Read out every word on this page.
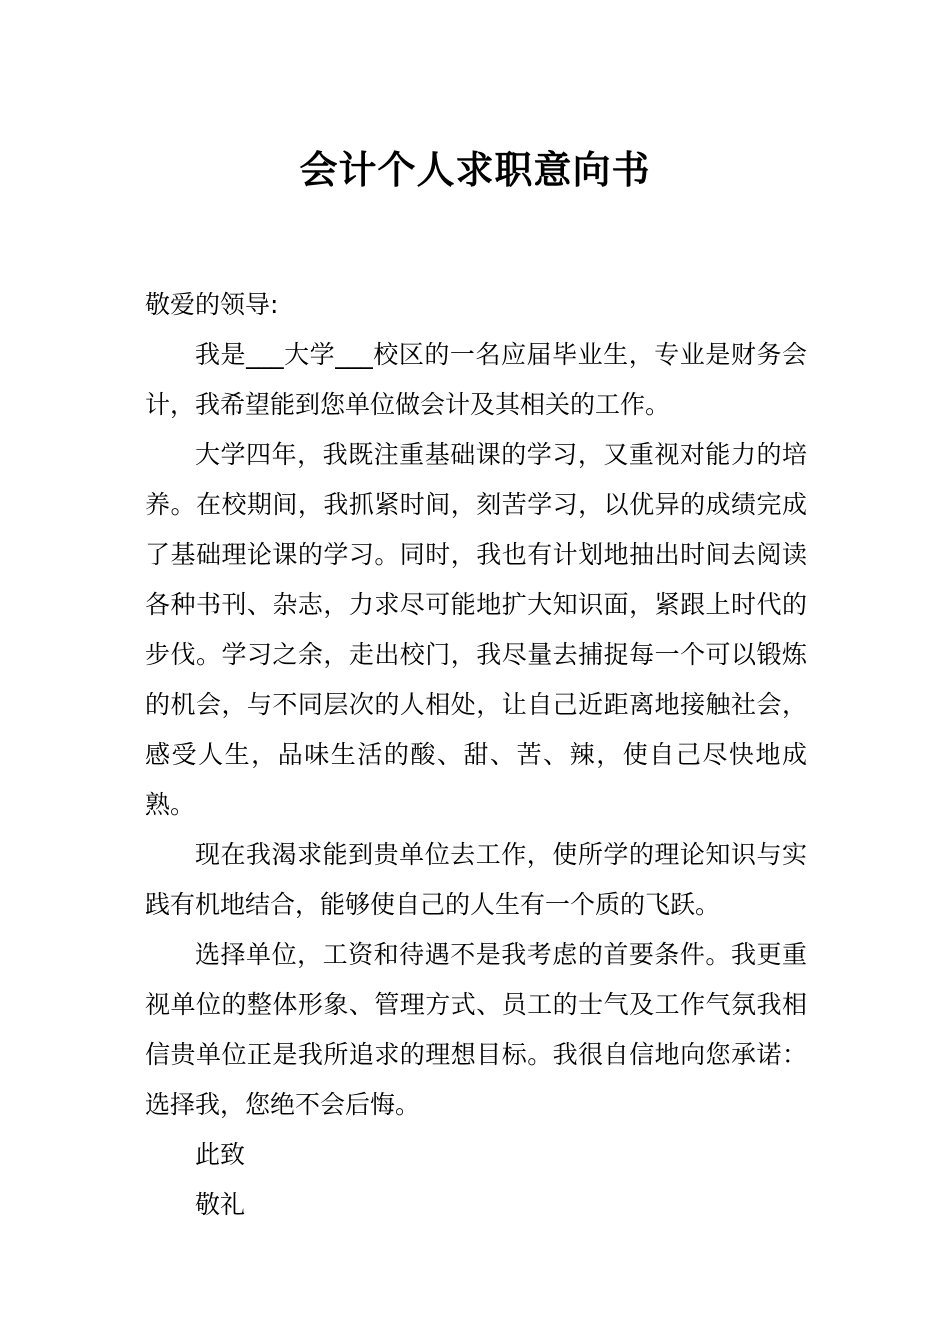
会计个人求职意向书

敬爱的领导:

我是___大学___校区的一名应届毕业生，专业是财务会计，我希望能到您单位做会计及其相关的工作。

大学四年，我既注重基础课的学习，又重视对能力的培养。在校期间，我抓紧时间，刻苦学习，以优异的成绩完成了基础理论课的学习。同时，我也有计划地抽出时间去阅读各种书刊、杂志，力求尽可能地扩大知识面，紧跟上时代的步伐。学习之余，走出校门，我尽量去捕捉每一个可以锻炼的机会，与不同层次的人相处，让自己近距离地接触社会，感受人生，品味生活的酸、甜、苦、辣，使自己尽快地成熟。

现在我渴求能到贵单位去工作，使所学的理论知识与实践有机地结合，能够使自己的人生有一个质的飞跃。

选择单位，工资和待遇不是我考虑的首要条件。我更重视单位的整体形象、管理方式、员工的士气及工作气氛我相信贵单位正是我所追求的理想目标。我很自信地向您承诺：选择我，您绝不会后悔。

此致

敬礼
